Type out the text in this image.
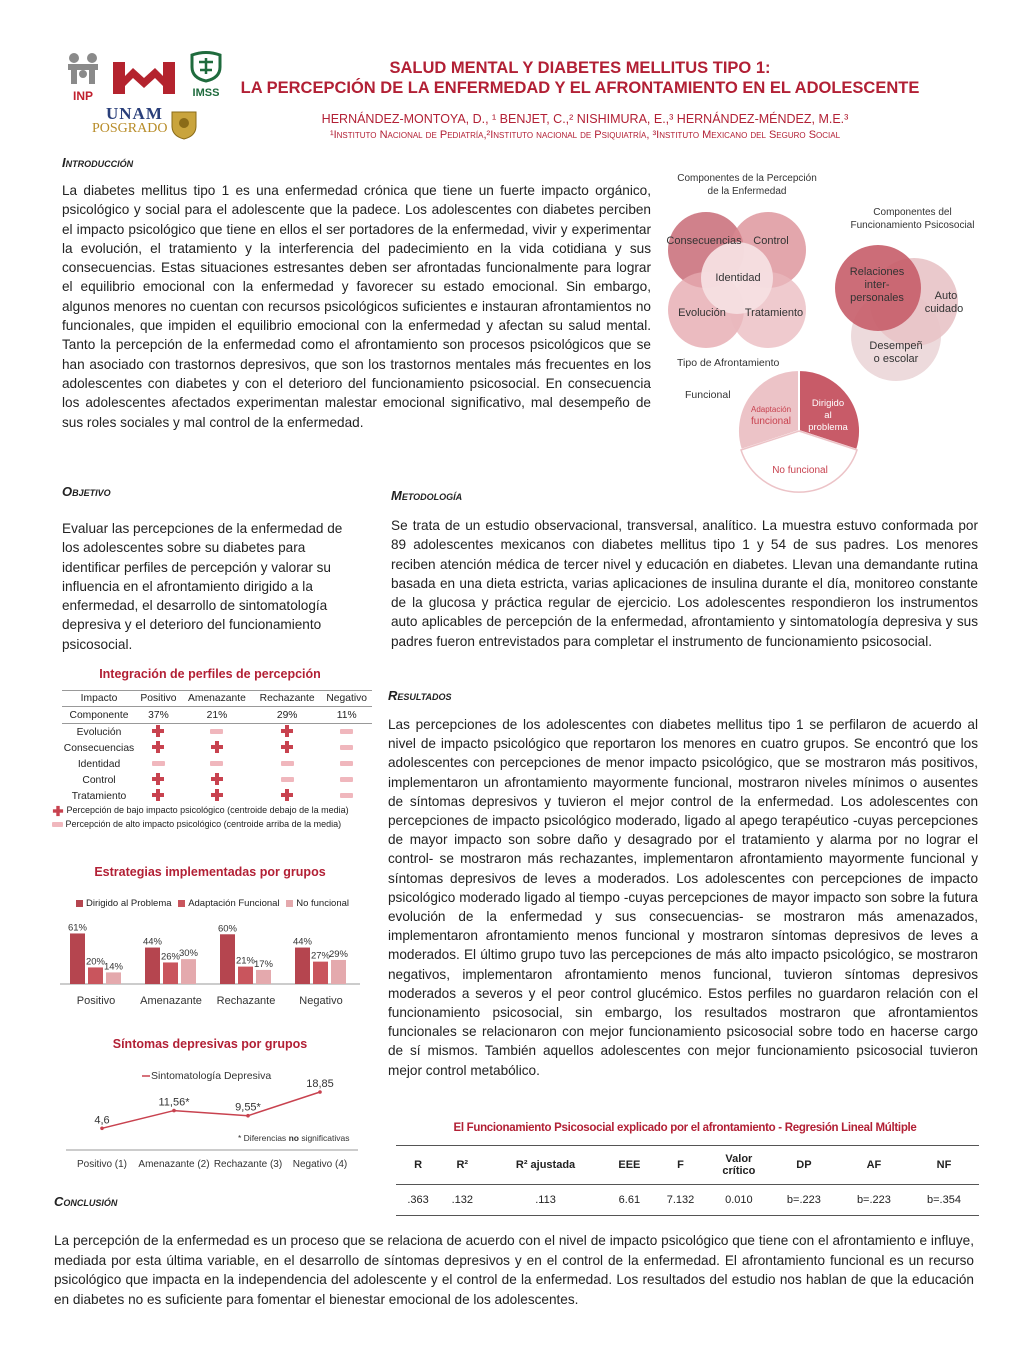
INP	IMSS
UNAM
POSGRADO
SALUD MENTAL Y DIABETES MELLITUS TIPO 1:
LA PERCEPCIÓN DE LA ENFERMEDAD Y EL AFRONTAMIENTO EN EL ADOLESCENTE
HERNÁNDEZ-MONTOYA, D., ¹ BENJET, C.,² NISHIMURA, E.,³ HERNÁNDEZ-MÉNDEZ, M.E.³
¹Instituto Nacional de Pediatría,²Instituto nacional de Psiquiatría, ³Instituto Mexicano del Seguro Social
Introducción
La diabetes mellitus tipo 1 es una enfermedad crónica que tiene un fuerte impacto orgánico, psicológico y social para el adolescente que la padece. Los adolescentes con diabetes perciben el impacto psicológico que tiene en ellos el ser portadores de la enfermedad, vivir y experimentar la evolución, el tratamiento y la interferencia del padecimiento en la vida cotidiana y sus consecuencias. Estas situaciones estresantes deben ser afrontadas funcionalmente para lograr el equilibrio emocional con la enfermedad y favorecer su estado emocional. Sin embargo, algunos menores no cuentan con recursos psicológicos suficientes e instauran afrontamientos no funcionales, que impiden el equilibrio emocional con la enfermedad y afectan su salud mental. Tanto la percepción de la enfermedad como el afrontamiento son procesos psicológicos que se han asociado con trastornos depresivos, que son los trastornos mentales más frecuentes en los adolescentes con diabetes y con el deterioro del funcionamiento psicosocial. En consecuencia los adolescentes afectados experimentan malestar emocional significativo, mal desempeño de sus roles sociales y mal control de la enfermedad.
Componentes de la Percepción de la Enfermedad
Consecuencias Control
Identidad
Evolución Tratamiento
Componentes del Funcionamiento Psicosocial
Relaciones
inter-
personales	Auto
cuidado
Desempeñ
o escolar
Tipo de Afrontamiento
Funcional
Adaptación
funcional
Dirigido
al
problema
No funcional
Objetivo
Evaluar las percepciones de la enfermedad de los adolescentes sobre su diabetes para identificar perfiles de percepción y valorar su influencia en el afrontamiento dirigido a la enfermedad, el desarrollo de sintomatología depresiva y el deterioro del funcionamiento psicosocial.
Metodología
Se trata de un estudio observacional, transversal, analítico. La muestra estuvo conformada por 89 adolescentes mexicanos con diabetes mellitus tipo 1 y 54 de sus padres. Los menores reciben atención médica de tercer nivel y educación en diabetes. Llevan una demandante rutina basada en una dieta estricta, varias aplicaciones de insulina durante el día, monitoreo constante de la glucosa y práctica regular de ejercicio. Los adolescentes respondieron los instrumentos auto aplicables de percepción de la enfermedad, afrontamiento y sintomatología depresiva y sus padres fueron entrevistados para completar el instrumento de funcionamiento psicosocial.
Integración de perfiles de percepción
Impacto	Positivo	Amenazante	Rechazante	Negativo
Componente	37%	21%	29%	11%
Evolución				
Consecuencias				
Identidad				
Control				
Tratamiento				
Percepción de bajo impacto psicológico (centroide debajo de la media)
Percepción de alto impacto psicológico (centroide arriba de la media)
Estrategias implementadas por grupos
Dirigido al Problema Adaptación Funcional No funcional
61%
20%
14%
Positivo
44%
26%
30%
Amenazante
60%
21%
17%
Rechazante
44%
27%
29%
Negativo
Síntomas depresivas por grupos
Sintomatología Depresiva
4,6
Positivo (1)
11,56*
Amenazante (2)
9,55*
Rechazante (3)
18,85
Negativo (4)
* Diferencias no significativas
Resultados
Las percepciones de los adolescentes con diabetes mellitus tipo 1 se perfilaron de acuerdo al nivel de impacto psicológico que reportaron los menores en cuatro grupos. Se encontró que los adolescentes con percepciones de menor impacto psicológico, que se mostraron más positivos, implementaron un afrontamiento mayormente funcional, mostraron niveles mínimos o ausentes de síntomas depresivos y tuvieron el mejor control de la enfermedad. Los adolescentes con percepciones de impacto psicológico moderado, ligado al apego terapéutico -cuyas percepciones de mayor impacto son sobre daño y desagrado por el tratamiento y alarma por no lograr el control- se mostraron más rechazantes, implementaron afrontamiento mayormente funcional y síntomas depresivos de leves a moderados. Los adolescentes con percepciones de impacto psicológico moderado ligado al tiempo -cuyas percepciones de mayor impacto son sobre la futura evolución de la enfermedad y sus consecuencias- se mostraron más amenazados, implementaron afrontamiento menos funcional y mostraron síntomas depresivos de leves a moderados. El último grupo tuvo las percepciones de más alto impacto psicológico, se mostraron negativos, implementaron afrontamiento menos funcional, tuvieron síntomas depresivos moderados a severos y el peor control glucémico. Estos perfiles no guardaron relación con el funcionamiento psicosocial, sin embargo, los resultados mostraron que afrontamientos funcionales se relacionaron con mejor funcionamiento psicosocial sobre todo en hacerse cargo de sí mismos. También aquellos adolescentes con mejor funcionamiento psicosocial tuvieron mejor control metabólico.
El Funcionamiento Psicosocial explicado por el afrontamiento - Regresión Lineal Múltiple
R	R²	R² ajustada	EEE	F	Valor crítico	DP	AF	NF
.363	.132	.113	6.61	7.132	0.010	b=.223	b=.223	b=.354
Conclusión
La percepción de la enfermedad es un proceso que se relaciona de acuerdo con el nivel de impacto psicológico que tiene con el afrontamiento e influye, mediada por esta última variable, en el desarrollo de síntomas depresivos y en el control de la enfermedad. El afrontamiento funcional es un recurso psicológico que impacta en la independencia del adolescente y el control de la enfermedad. Los resultados del estudio nos hablan de que la educación en diabetes no es suficiente para fomentar el bienestar emocional de los adolescentes.
